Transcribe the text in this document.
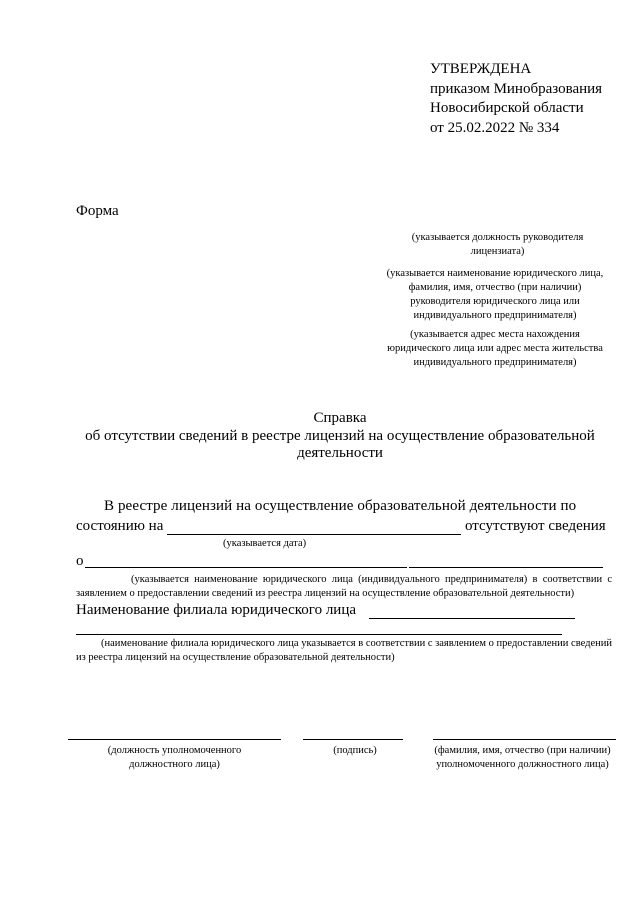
УТВЕРЖДЕНА
приказом Минобразования
Новосибирской области
от 25.02.2022 № 334
Форма
(указывается должность руководителя лицензиата)
(указывается наименование юридического лица, фамилия, имя, отчество (при наличии) руководителя юридического лица или индивидуального предпринимателя)
(указывается адрес места нахождения юридического лица или адрес места жительства индивидуального предпринимателя)
Справка
об отсутствии сведений в реестре лицензий на осуществление образовательной деятельности
В реестре лицензий на осуществление образовательной деятельности по
состоянию на	отсутствуют сведения
(указывается дата)
о
(указывается наименование юридического лица (индивидуального предпринимателя) в соответствии с заявлением о предоставлении сведений из реестра лицензий на осуществление образовательной деятельности)
Наименование филиала юридического лица
(наименование филиала юридического лица указывается в соответствии с заявлением о предоставлении сведений из реестра лицензий на осуществление образовательной деятельности)
(должность уполномоченного должностного лица)
(подпись)	(фамилия, имя, отчество (при наличии) уполномоченного должностного лица)
